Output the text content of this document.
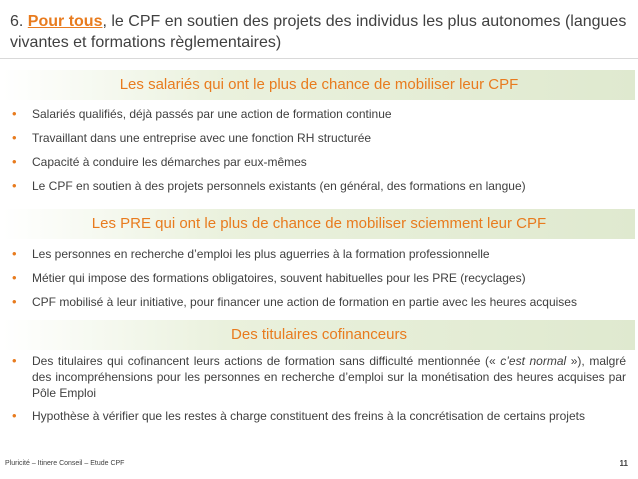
6. Pour tous, le CPF en soutien des projets des individus les plus autonomes (langues vivantes et formations règlementaires)
Les salariés qui ont le plus de chance de mobiliser leur CPF
• Salariés qualifiés, déjà passés par une action de formation continue
• Travaillant dans une entreprise avec une fonction RH structurée
• Capacité à conduire les démarches par eux-mêmes
• Le CPF en soutien à des projets personnels existants (en général, des formations en langue)
Les PRE qui ont le plus de chance de mobiliser sciemment leur CPF
• Les personnes en recherche d’emploi les plus aguerries à la formation professionnelle
• Métier qui impose des formations obligatoires, souvent habituelles pour les PRE (recyclages)
• CPF mobilisé à leur initiative, pour financer une action de formation en partie avec les heures acquises
Des titulaires cofinanceurs
• Des titulaires qui cofinancent leurs actions de formation sans difficulté mentionnée (« c’est normal »), malgré des incompréhensions pour les personnes en recherche d’emploi sur la monétisation des heures acquises par Pôle Emploi
• Hypothèse à vérifier que les restes à charge constituent des freins à la concrétisation de certains projets
Pluricité – Itinere Conseil – Etude CPF	11
